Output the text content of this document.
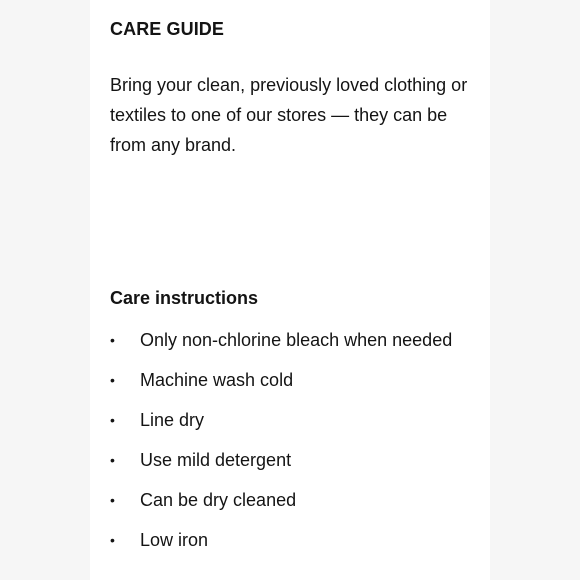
CARE GUIDE

Bring your clean, previously loved clothing or textiles to one of our stores — they can be from any brand.

Care instructions
•	Only non-chlorine bleach when needed
•	Machine wash cold
•	Line dry
•	Use mild detergent
•	Can be dry cleaned
•	Low iron
